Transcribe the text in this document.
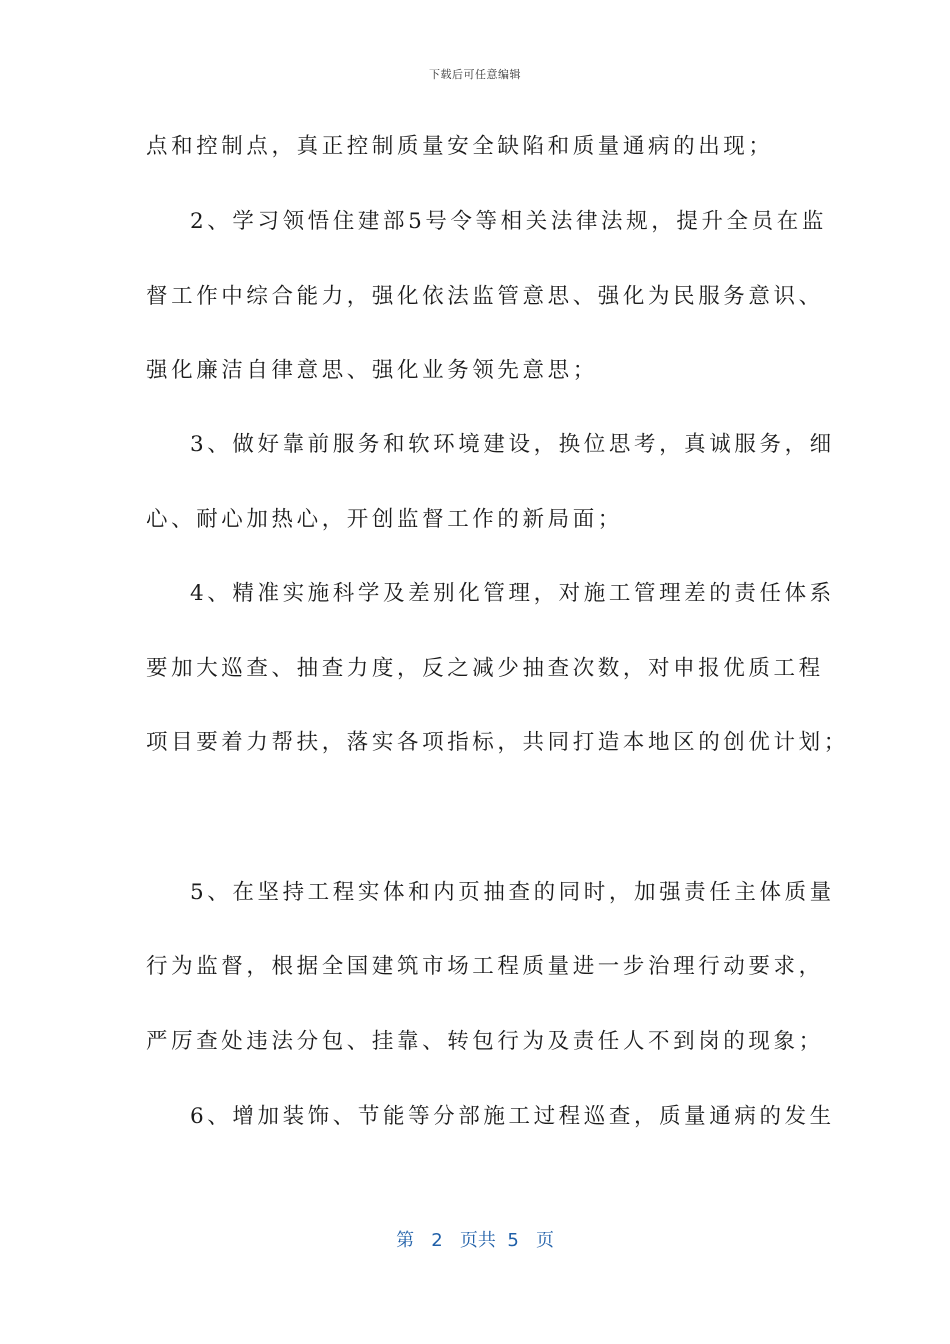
下载后可任意编辑
点和控制点，真正控制质量安全缺陷和质量通病的出现；
2、学习领悟住建部5号令等相关法律法规，提升全员在监
督工作中综合能力，强化依法监管意思、强化为民服务意识、
强化廉洁自律意思、强化业务领先意思；
3、做好靠前服务和软环境建设，换位思考，真诚服务，细
心、耐心加热心，开创监督工作的新局面；
4、精准实施科学及差别化管理，对施工管理差的责任体系
要加大巡查、抽查力度，反之减少抽查次数，对申报优质工程
项目要着力帮扶，落实各项指标，共同打造本地区的创优计划；
5、在坚持工程实体和内页抽查的同时，加强责任主体质量
行为监督，根据全国建筑市场工程质量进一步治理行动要求，
严厉查处违法分包、挂靠、转包行为及责任人不到岗的现象；
6、增加装饰、节能等分部施工过程巡查，质量通病的发生
第 2 页共 5 页
